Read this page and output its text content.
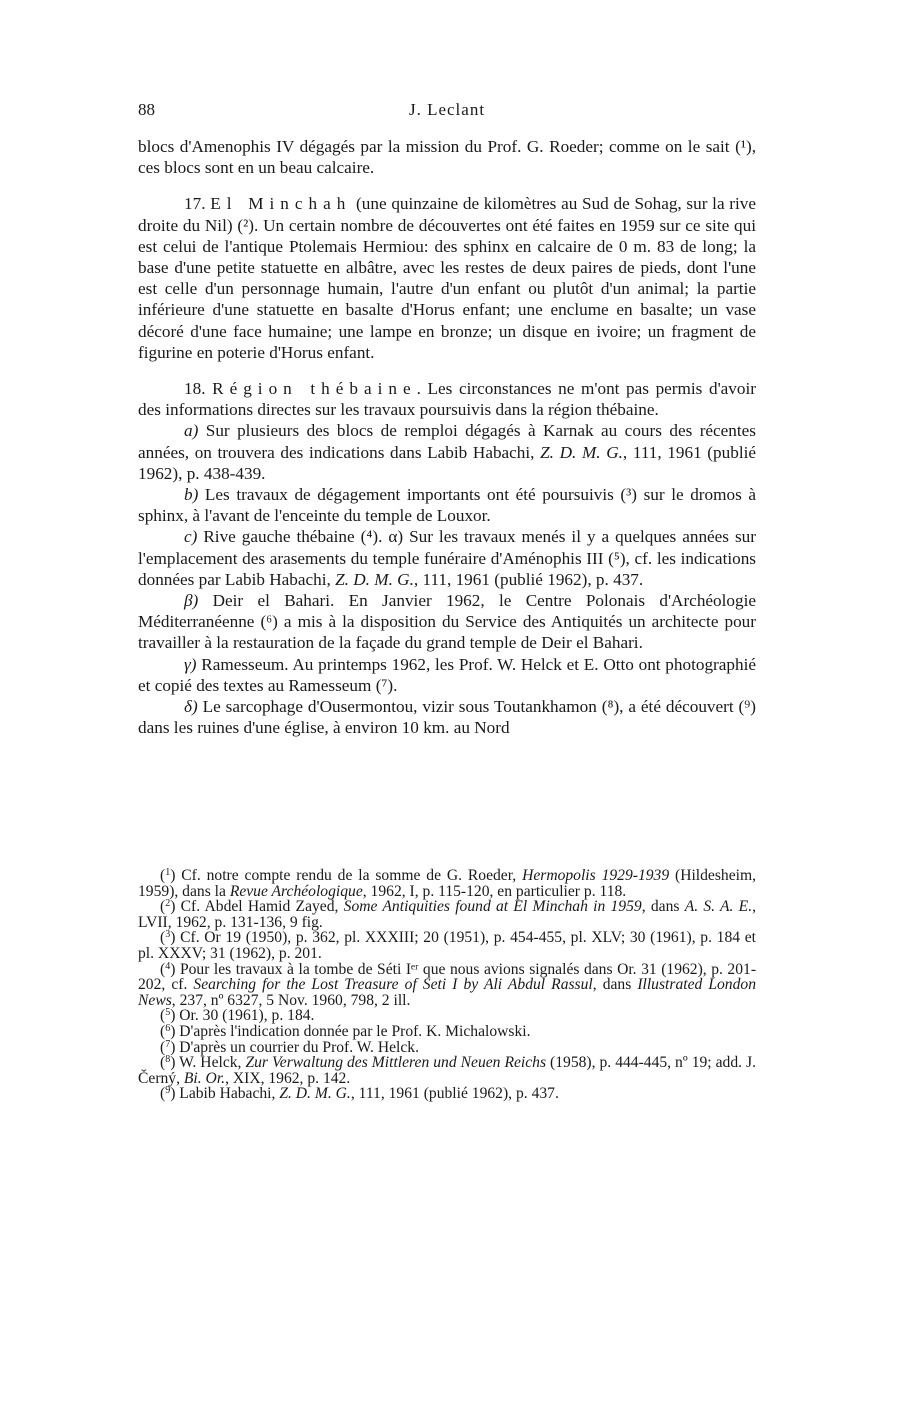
88	J. Leclant

blocs d'Amenophis IV dégagés par la mission du Prof. G. Roeder; comme on le sait (¹), ces blocs sont en un beau calcaire.

17. El Minchah (une quinzaine de kilomètres au Sud de Sohag, sur la rive droite du Nil) (²). Un certain nombre de découvertes ont été faites en 1959 sur ce site qui est celui de l'antique Ptolemais Hermiou: des sphinx en calcaire de 0 m. 83 de long; la base d'une petite statuette en albâtre, avec les restes de deux paires de pieds, dont l'une est celle d'un personnage humain, l'autre d'un enfant ou plutôt d'un animal; la partie inférieure d'une statuette en basalte d'Horus enfant; une enclume en basalte; un vase décoré d'une face humaine; une lampe en bronze; un disque en ivoire; un fragment de figurine en poterie d'Horus enfant.

18. Région thébaine. Les circonstances ne m'ont pas permis d'avoir des informations directes sur les travaux poursuivis dans la région thébaine.

a) Sur plusieurs des blocs de remploi dégagés à Karnak au cours des récentes années, on trouvera des indications dans Labib Habachi, Z. D. M. G., 111, 1961 (publié 1962), p. 438-439.

b) Les travaux de dégagement importants ont été poursuivis (³) sur le dromos à sphinx, à l'avant de l'enceinte du temple de Louxor.

c) Rive gauche thébaine (⁴). α) Sur les travaux menés il y a quelques années sur l'emplacement des arasements du temple funéraire d'Aménophis III (⁵), cf. les indications données par Labib Habachi, Z. D. M. G., 111, 1961 (publié 1962), p. 437.

β) Deir el Bahari. En Janvier 1962, le Centre Polonais d'Archéologie Méditerranéenne (⁶) a mis à la disposition du Service des Antiquités un architecte pour travailler à la restauration de la façade du grand temple de Deir el Bahari.

γ) Ramesseum. Au printemps 1962, les Prof. W. Helck et E. Otto ont photographié et copié des textes au Ramesseum (⁷).

δ) Le sarcophage d'Ousermontou, vizir sous Toutankhamon (⁸), a été découvert (⁹) dans les ruines d'une église, à environ 10 km. au Nord

($^1$) Cf. notre compte rendu de la somme de G. Roeder, Hermopolis 1929-1939 (Hildesheim, 1959), dans la Revue Archéologique, 1962, I, p. 115-120, en particulier p. 118.

($^2$) Cf. Abdel Hamid Zayed, Some Antiquities found at El Minchah in 1959, dans A. S. A. E., LVII, 1962, p. 131-136, 9 fig.

($^3$) Cf. Or 19 (1950), p. 362, pl. XXXIII; 20 (1951), p. 454-455, pl. XLV; 30 (1961), p. 184 et pl. XXXV; 31 (1962), p. 201.

($^4$) Pour les travaux à la tombe de Séti Iᵉʳ que nous avions signalés dans Or. 31 (1962), p. 201-202, cf. Searching for the Lost Treasure of Seti I by Ali Abdul Rassul, dans Illustrated London News, 237, nº 6327, 5 Nov. 1960, 798, 2 ill.

($^5$) Or. 30 (1961), p. 184.

($^6$) D'après l'indication donnée par le Prof. K. Michalowski.

($^7$) D'après un courrier du Prof. W. Helck.

($^8$) W. Helck, Zur Verwaltung des Mittleren und Neuen Reichs (1958), p. 444-445, nº 19; add. J. Černý, Bi. Or., XIX, 1962, p. 142.

($^9$) Labib Habachi, Z. D. M. G., 111, 1961 (publié 1962), p. 437.
